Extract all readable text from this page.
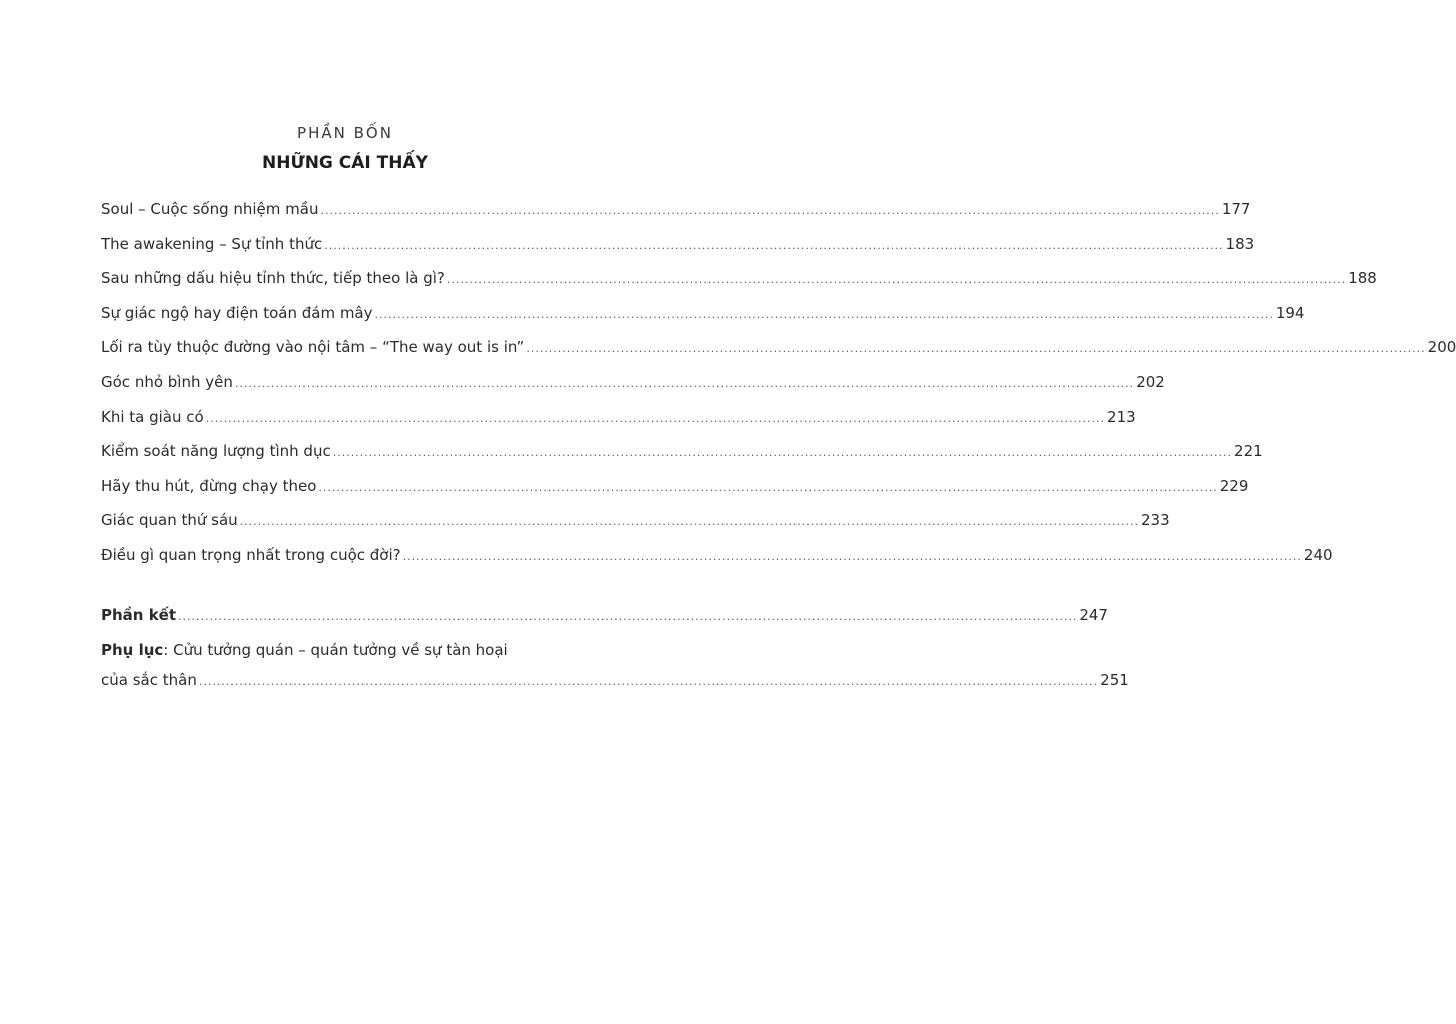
PHẦN BỐN
NHỮNG CÁI THẤY
Soul – Cuộc sống nhiệm mầu ........................................................................................................................................................................................................ 177
The awakening – Sự tỉnh thức ........................................................................................................................................................................................................ 183
Sau những dấu hiệu tỉnh thức, tiếp theo là gì? ........................................................................................................................................................................................................ 188
Sự giác ngộ hay điện toán đám mây ........................................................................................................................................................................................................ 194
Lối ra tùy thuộc đường vào nội tâm – “The way out is in” ........................................................................................................................................................................................................ 200
Góc nhỏ bình yên ........................................................................................................................................................................................................ 202
Khi ta giàu có ........................................................................................................................................................................................................ 213
Kiểm soát năng lượng tình dục ........................................................................................................................................................................................................ 221
Hãy thu hút, đừng chạy theo ........................................................................................................................................................................................................ 229
Giác quan thứ sáu ........................................................................................................................................................................................................ 233
Điều gì quan trọng nhất trong cuộc đời? ........................................................................................................................................................................................................ 240
Phần kết ........................................................................................................................................................................................................ 247
Phụ lục: Cửu tưởng quán – quán tưởng về sự tàn hoại
của sắc thân ........................................................................................................................................................................................................ 251
